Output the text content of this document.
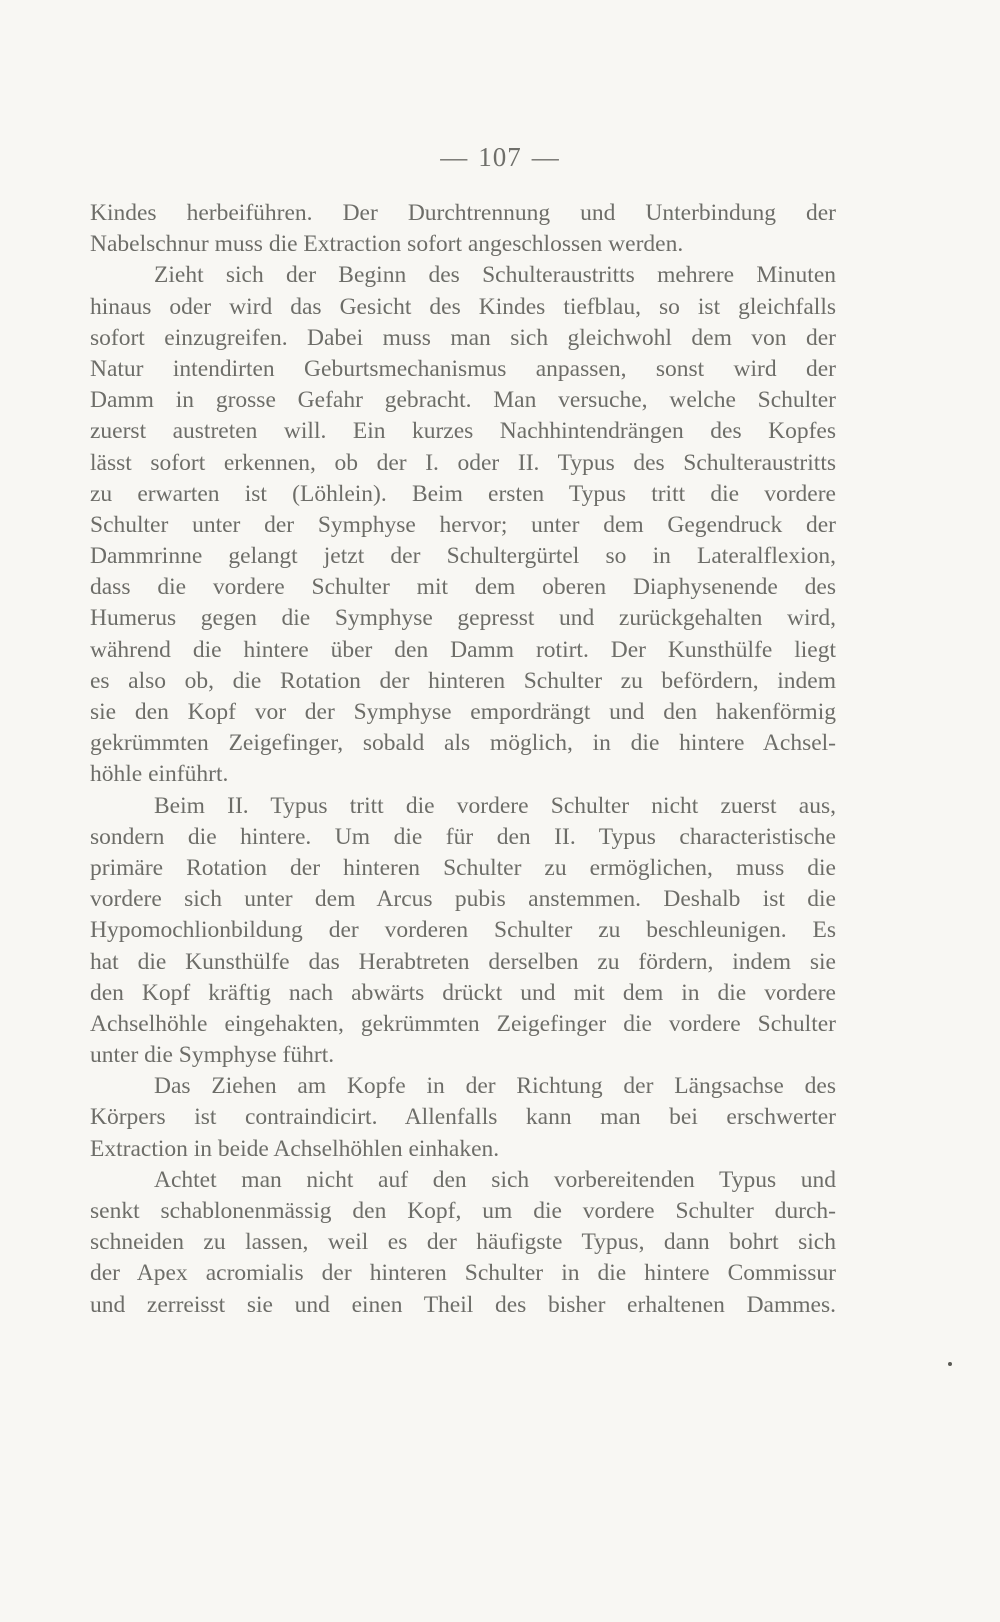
— 107 —

Kindes herbeiführen. Der Durchtrennung und Unterbindung der
Nabelschnur muss die Extraction sofort angeschlossen werden.

Zieht sich der Beginn des Schulteraustritts mehrere Minuten
hinaus oder wird das Gesicht des Kindes tiefblau, so ist gleichfalls
sofort einzugreifen. Dabei muss man sich gleichwohl dem von der
Natur intendirten Geburtsmechanismus anpassen, sonst wird der
Damm in grosse Gefahr gebracht. Man versuche, welche Schulter
zuerst austreten will. Ein kurzes Nachhintendrängen des Kopfes
lässt sofort erkennen, ob der I. oder II. Typus des Schulteraustritts
zu erwarten ist (Löhlein). Beim ersten Typus tritt die vordere
Schulter unter der Symphyse hervor; unter dem Gegendruck der
Dammrinne gelangt jetzt der Schultergürtel so in Lateralflexion,
dass die vordere Schulter mit dem oberen Diaphysenende des
Humerus gegen die Symphyse gepresst und zurückgehalten wird,
während die hintere über den Damm rotirt. Der Kunsthülfe liegt
es also ob, die Rotation der hinteren Schulter zu befördern, indem
sie den Kopf vor der Symphyse empordrängt und den hakenförmig
gekrümmten Zeigefinger, sobald als möglich, in die hintere Achsel-
höhle einführt.

Beim II. Typus tritt die vordere Schulter nicht zuerst aus,
sondern die hintere. Um die für den II. Typus characteristische
primäre Rotation der hinteren Schulter zu ermöglichen, muss die
vordere sich unter dem Arcus pubis anstemmen. Deshalb ist die
Hypomochlionbildung der vorderen Schulter zu beschleunigen. Es
hat die Kunsthülfe das Herabtreten derselben zu fördern, indem sie
den Kopf kräftig nach abwärts drückt und mit dem in die vordere
Achselhöhle eingehakten, gekrümmten Zeigefinger die vordere Schulter
unter die Symphyse führt.

Das Ziehen am Kopfe in der Richtung der Längsachse des
Körpers ist contraindicirt. Allenfalls kann man bei erschwerter
Extraction in beide Achselhöhlen einhaken.

Achtet man nicht auf den sich vorbereitenden Typus und
senkt schablonenmässig den Kopf, um die vordere Schulter durch-
schneiden zu lassen, weil es der häufigste Typus, dann bohrt sich
der Apex acromialis der hinteren Schulter in die hintere Commissur
und zerreisst sie und einen Theil des bisher erhaltenen Dammes.
